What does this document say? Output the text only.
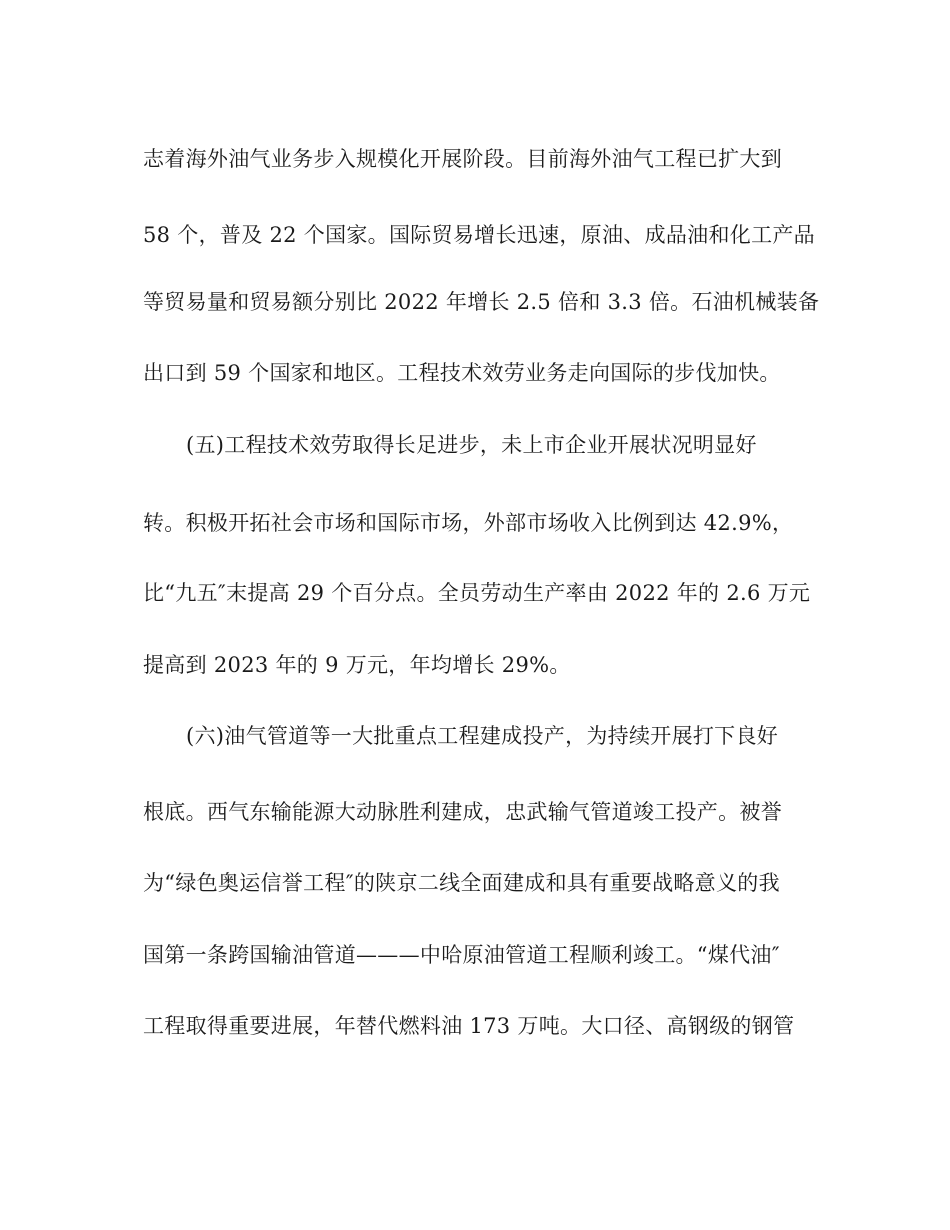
志着海外油气业务步入规模化开展阶段。目前海外油气工程已扩大到
58 个，普及 22 个国家。国际贸易增长迅速，原油、成品油和化工产品
等贸易量和贸易额分别比 2022 年增长 2.5 倍和 3.3 倍。石油机械装备
出口到 59 个国家和地区。工程技术效劳业务走向国际的步伐加快。
(五)工程技术效劳取得长足进步，未上市企业开展状况明显好
转。积极开拓社会市场和国际市场，外部市场收入比例到达 42.9%，
比“九五″末提高 29 个百分点。全员劳动生产率由 2022 年的 2.6 万元
提高到 2023 年的 9 万元，年均增长 29%。
(六)油气管道等一大批重点工程建成投产，为持续开展打下良好
根底。西气东输能源大动脉胜利建成，忠武输气管道竣工投产。被誉
为“绿色奥运信誉工程″的陕京二线全面建成和具有重要战略意义的我
国第一条跨国输油管道———中哈原油管道工程顺利竣工。“煤代油″
工程取得重要进展，年替代燃料油 173 万吨。大口径、高钢级的钢管
